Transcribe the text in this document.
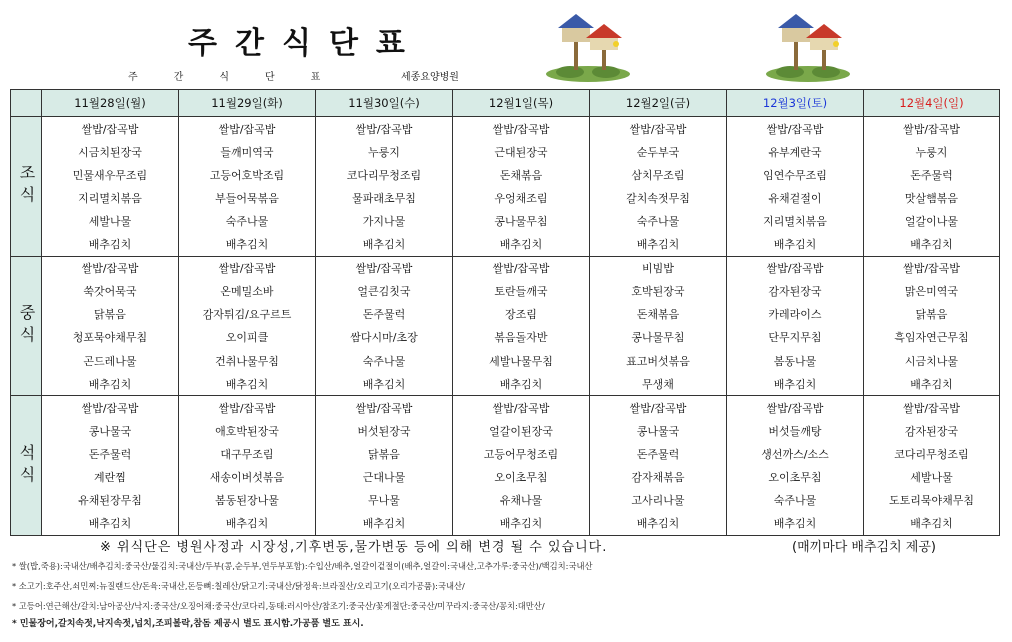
주간식단표
주간식단표	세종요양병원
	11월28일(월)	11월29일(화)	11월30일(수)	12월1일(목)	12월2일(금)	12월3일(토)	12월4일(일)
조식	쌀밥/잡곡밥	쌀밥/잡곡밥	쌀밥/잡곡밥	쌀밥/잡곡밥	쌀밥/잡곡밥	쌀밥/잡곡밥	쌀밥/잡곡밥
	시금치된장국	들깨미역국	누룽지	근대된장국	순두부국	유부계란국	누룽지
	민물새우무조림	고등어호박조림	코다리무청조림	돈채볶음	삼치무조림	임연수무조림	돈주물럭
	지리멸치볶음	부들어묵볶음	물파래초무침	우엉채조림	갈치속젓무침	유채겉절이	맛살햄볶음
	세발나물	숙주나물	가지나물	콩나물무침	숙주나물	지리멸치볶음	얼갈이나물
	배추김치	배추김치	배추김치	배추김치	배추김치	배추김치	배추김치
중식	쌀밥/잡곡밥	쌀밥/잡곡밥	쌀밥/잡곡밥	쌀밥/잡곡밥	비빔밥	쌀밥/잡곡밥	쌀밥/잡곡밥
	쑥갓어묵국	온메밀소바	얼큰김칫국	토란들깨국	호박된장국	감자된장국	맑은미역국
	닭볶음	감자튀김/요구르트	돈주물럭	장조림	돈채볶음	카레라이스	닭볶음
	청포묵야채무침	오이피클	쌈다시마/초장	볶음돌자반	콩나물무침	단무지무침	흑임자연근무침
	곤드레나물	건취나물무침	숙주나물	세발나물무침	표고버섯볶음	봄동나물	시금치나물
	배추김치	배추김치	배추김치	배추김치	무생채	배추김치	배추김치
석식	쌀밥/잡곡밥	쌀밥/잡곡밥	쌀밥/잡곡밥	쌀밥/잡곡밥	쌀밥/잡곡밥	쌀밥/잡곡밥	쌀밥/잡곡밥
	콩나물국	애호박된장국	버섯된장국	얼갈이된장국	콩나물국	버섯들깨탕	감자된장국
	돈주물럭	대구무조림	닭볶음	고등어무청조림	돈주물럭	생선까스/소스	코다리무청조림
	계란찜	새송이버섯볶음	근대나물	오이초무침	감자채볶음	오이초무침	세발나물
	유채된장무침	봄동된장나물	무나물	유채나물	고사리나물	숙주나물	도토리묵야채무침
	배추김치	배추김치	배추김치	배추김치	배추김치	배추김치	배추김치
※ 위식단은 병원사정과 시장성,기후변동,물가변동 등에 의해 변경 될 수 있습니다.	(매끼마다 배추김치 제공)
* 쌀(밥,죽용):국내산/배추김치:중국산/물김치:국내산/두부(콩,순두부,연두부포함):수입산/배추,얼갈이겉절이(배추,얼갈이:국내산,고추가루:중국산)/백김치:국내산
* 소고기:호주산,쇠민찌:뉴질랜드산/돈육:국내산,돈등뼈:칠레산/닭고기:국내산/닭정육:브라질산/오리고기(오리가공품):국내산/
* 고등어:연근해산/갈치:남아공산/낙지:중국산/오징어채:중국산/코다리,동태:러시아산/참조기:중국산/꽃게절단:중국산/미꾸라지:중국산/꽁치:대만산/
* 민물장어,갈치속젓,낙지속젓,넙치,조피볼락,참돔 제공시 별도 표시함.가공품 별도 표시.
